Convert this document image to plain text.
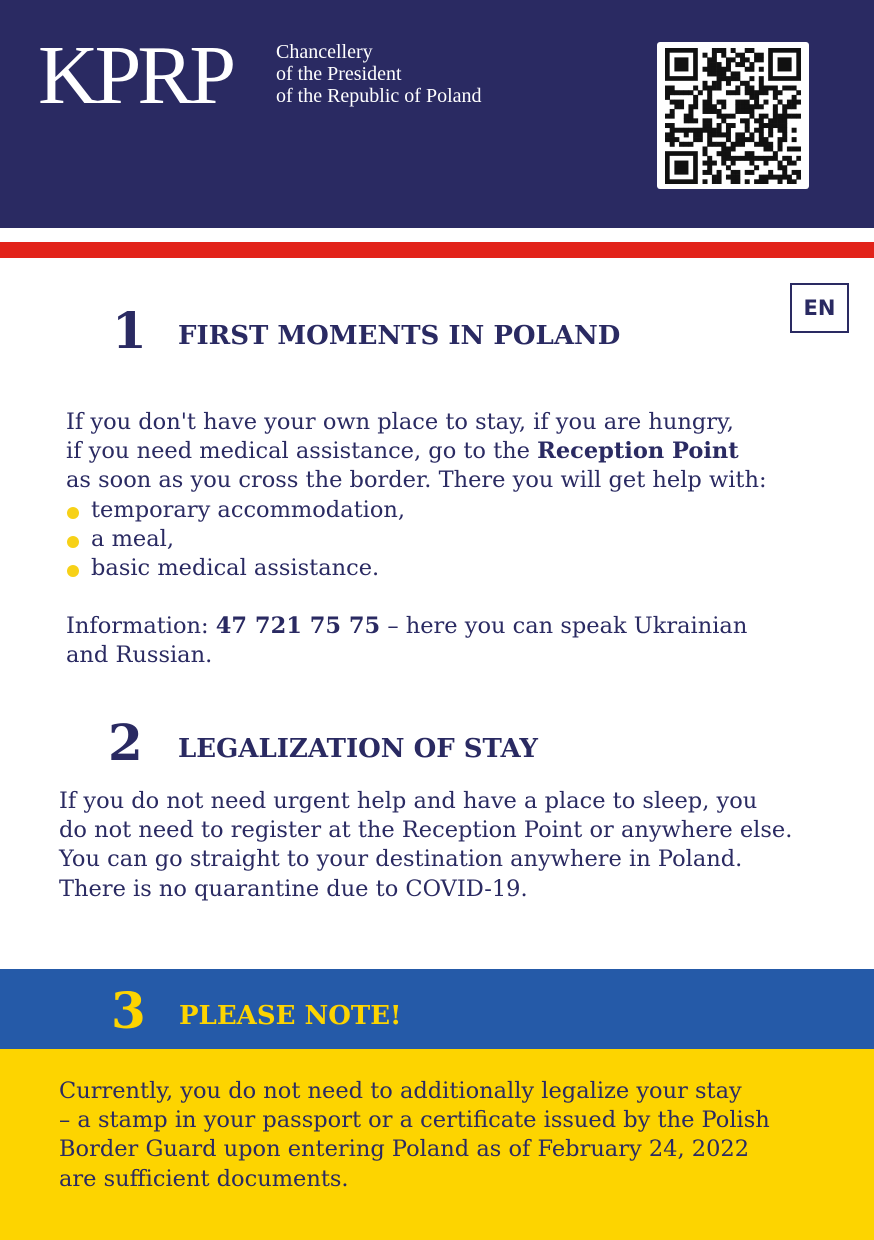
KPRP Chancellery
of the President
of the Republic of Poland
EN
1 FIRST MOMENTS IN POLAND
If you don't have your own place to stay, if you are hungry,
if you need medical assistance, go to the Reception Point
as soon as you cross the border. There you will get help with:
temporary accommodation,
a meal,
basic medical assistance.
Information: 47 721 75 75 – here you can speak Ukrainian
and Russian.
2 LEGALIZATION OF STAY
If you do not need urgent help and have a place to sleep, you
do not need to register at the Reception Point or anywhere else.
You can go straight to your destination anywhere in Poland.
There is no quarantine due to COVID-19.
3 PLEASE NOTE!
Currently, you do not need to additionally legalize your stay
– a stamp in your passport or a certificate issued by the Polish
Border Guard upon entering Poland as of February 24, 2022
are sufficient documents.
